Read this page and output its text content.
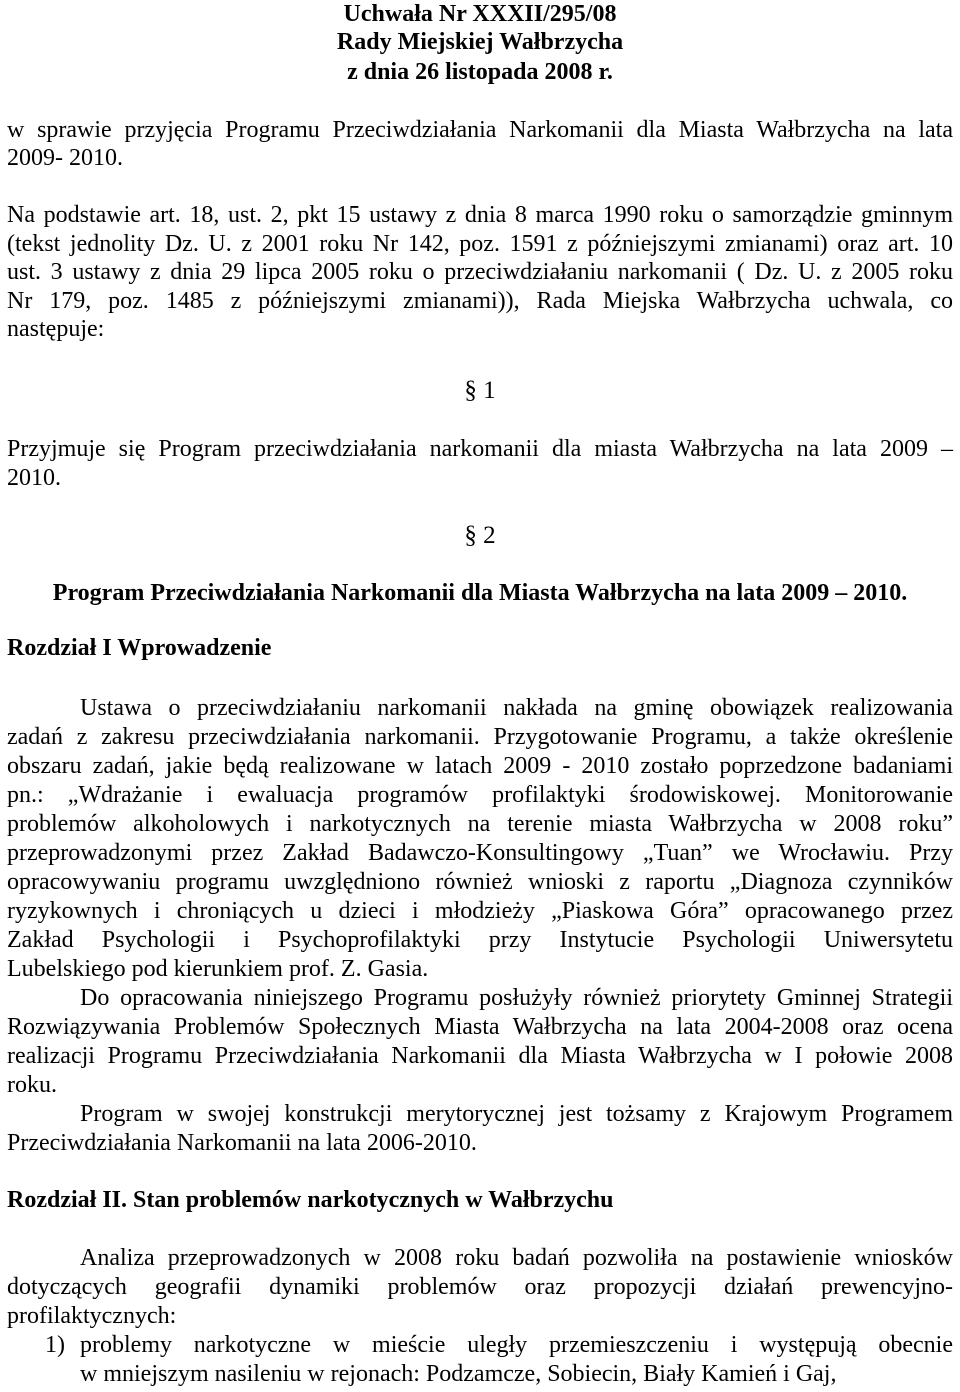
Uchwała Nr XXXII/295/08
Rady Miejskiej Wałbrzycha
z dnia 26 listopada 2008 r.
w sprawie przyjęcia Programu Przeciwdziałania Narkomanii dla Miasta Wałbrzycha na lata
2009- 2010.
Na podstawie art. 18, ust. 2, pkt 15 ustawy z dnia 8 marca 1990 roku o samorządzie gminnym
(tekst jednolity Dz. U. z 2001 roku Nr 142, poz. 1591 z późniejszymi zmianami) oraz art. 10
ust. 3 ustawy z dnia 29 lipca 2005 roku o przeciwdziałaniu narkomanii ( Dz. U. z 2005 roku
Nr 179, poz. 1485 z późniejszymi zmianami)), Rada Miejska Wałbrzycha uchwala, co
następuje:
§ 1
Przyjmuje się Program przeciwdziałania narkomanii dla miasta Wałbrzycha na lata 2009 –
2010.
§ 2
Program Przeciwdziałania Narkomanii dla Miasta Wałbrzycha na lata 2009 – 2010.
Rozdział I Wprowadzenie
Ustawa o przeciwdziałaniu narkomanii nakłada na gminę obowiązek realizowania
zadań z zakresu przeciwdziałania narkomanii. Przygotowanie Programu, a także określenie
obszaru zadań, jakie będą realizowane w latach 2009 - 2010 zostało poprzedzone badaniami
pn.: „Wdrażanie i ewaluacja programów profilaktyki środowiskowej. Monitorowanie
problemów alkoholowych i narkotycznych na terenie miasta Wałbrzycha w 2008 roku”
przeprowadzonymi przez Zakład Badawczo-Konsultingowy „Tuan” we Wrocławiu. Przy
opracowywaniu programu uwzględniono również wnioski z raportu „Diagnoza czynników
ryzykownych i chroniących u dzieci i młodzieży „Piaskowa Góra” opracowanego przez
Zakład Psychologii i Psychoprofilaktyki przy Instytucie Psychologii Uniwersytetu
Lubelskiego pod kierunkiem prof. Z. Gasia.
Do opracowania niniejszego Programu posłużyły również priorytety Gminnej Strategii
Rozwiązywania Problemów Społecznych Miasta Wałbrzycha na lata 2004-2008 oraz ocena
realizacji Programu Przeciwdziałania Narkomanii dla Miasta Wałbrzycha w I połowie 2008
roku.
Program w swojej konstrukcji merytorycznej jest tożsamy z Krajowym Programem
Przeciwdziałania Narkomanii na lata 2006-2010.
Rozdział II. Stan problemów narkotycznych w Wałbrzychu
Analiza przeprowadzonych w 2008 roku badań pozwoliła na postawienie wniosków
dotyczących geografii dynamiki problemów oraz propozycji działań prewencyjno-
profilaktycznych:
1) problemy narkotyczne w mieście uległy przemieszczeniu i występują obecnie
w mniejszym nasileniu w rejonach: Podzamcze, Sobiecin, Biały Kamień i Gaj,
